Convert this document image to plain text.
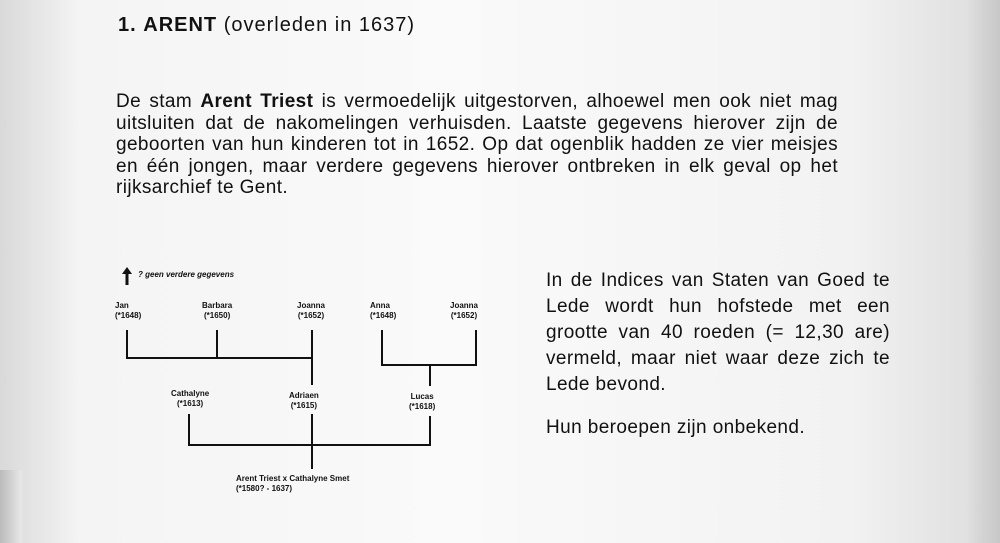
1. ARENT (overleden in 1637)
De stam Arent Triest is vermoedelijk uitgestorven, alhoewel men ook niet mag uitsluiten dat de nakomelingen verhuisden. Laatste gegevens hierover zijn de geboorten van hun kinderen tot in 1652. Op dat ogenblik hadden ze vier meisjes en één jongen, maar verdere gegevens hierover ontbreken in elk geval op het rijksarchief te Gent.
? geen verdere gegevens
Jan
(*1648)
Barbara
(*1650)
Joanna
(*1652)
Anna
(*1648)
Joanna
(*1652)
Cathalyne
(*1613)
Adriaen
(*1615)
Lucas
(*1618)
Arent Triest x Cathalyne Smet
(*1580? - 1637)

In de Indices van Staten van Goed te Lede wordt hun hofstede met een grootte van 40 roeden (= 12,30 are) vermeld, maar niet waar deze zich te Lede bevond.

Hun beroepen zijn onbekend.
